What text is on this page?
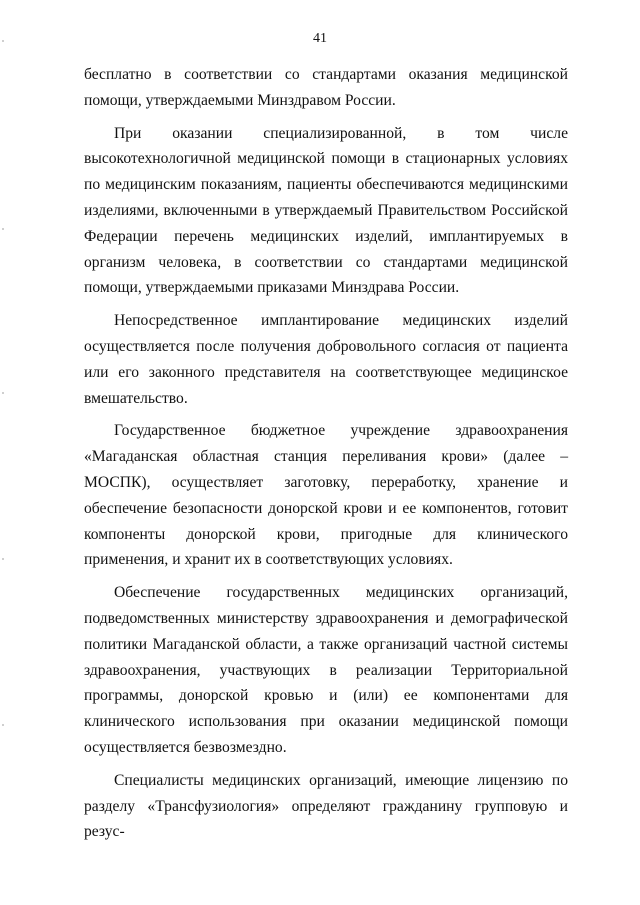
41

бесплатно в соответствии со стандартами оказания медицинской помощи, утверждаемыми Минздравом России.

При оказании специализированной, в том числе высокотехнологичной медицинской помощи в стационарных условиях по медицинским показаниям, пациенты обеспечиваются медицинскими изделиями, включенными в утверждаемый Правительством Российской Федерации перечень медицинских изделий, имплантируемых в организм человека, в соответствии со стандартами медицинской помощи, утверждаемыми приказами Минздрава России.

Непосредственное имплантирование медицинских изделий осуществляется после получения добровольного согласия от пациента или его законного представителя на соответствующее медицинское вмешательство.

Государственное бюджетное учреждение здравоохранения «Магаданская областная станция переливания крови» (далее – МОСПК), осуществляет заготовку, переработку, хранение и обеспечение безопасности донорской крови и ее компонентов, готовит компоненты донорской крови, пригодные для клинического применения, и хранит их в соответствующих условиях.

Обеспечение государственных медицинских организаций, подведомственных министерству здравоохранения и демографической политики Магаданской области, а также организаций частной системы здравоохранения, участвующих в реализации Территориальной программы, донорской кровью и (или) ее компонентами для клинического использования при оказании медицинской помощи осуществляется безвозмездно.

Специалисты медицинских организаций, имеющие лицензию по разделу «Трансфузиология» определяют гражданину групповую и резус-
